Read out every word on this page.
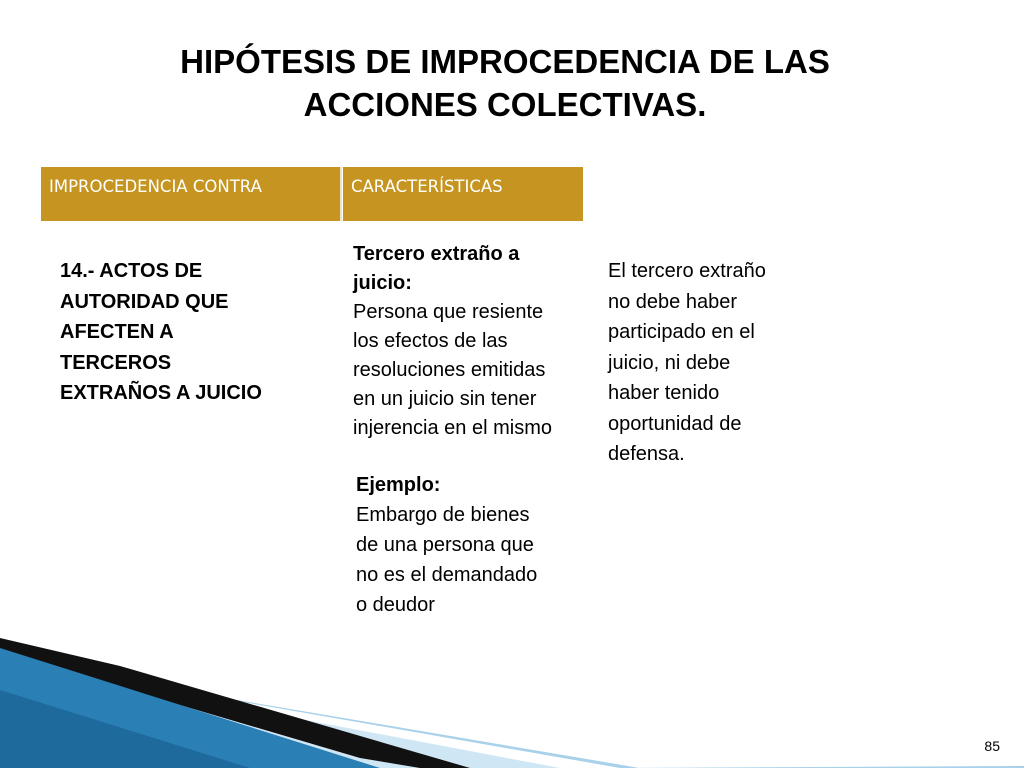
HIPÓTESIS DE IMPROCEDENCIA DE LAS
ACCIONES COLECTIVAS.
IMPROCEDENCIA CONTRA	CARACTERÍSTICAS
14.- ACTOS DE
AUTORIDAD QUE
AFECTEN A
TERCEROS
EXTRAÑOS A JUICIO
Tercero extraño a
juicio:
Persona que resiente
los efectos de las
resoluciones emitidas
en un juicio sin tener
injerencia en el mismo
Ejemplo:
Embargo de bienes
de una persona que
no es el demandado
o deudor
El tercero extraño
no debe haber
participado en el
juicio, ni debe
haber tenido
oportunidad de
defensa.
85
